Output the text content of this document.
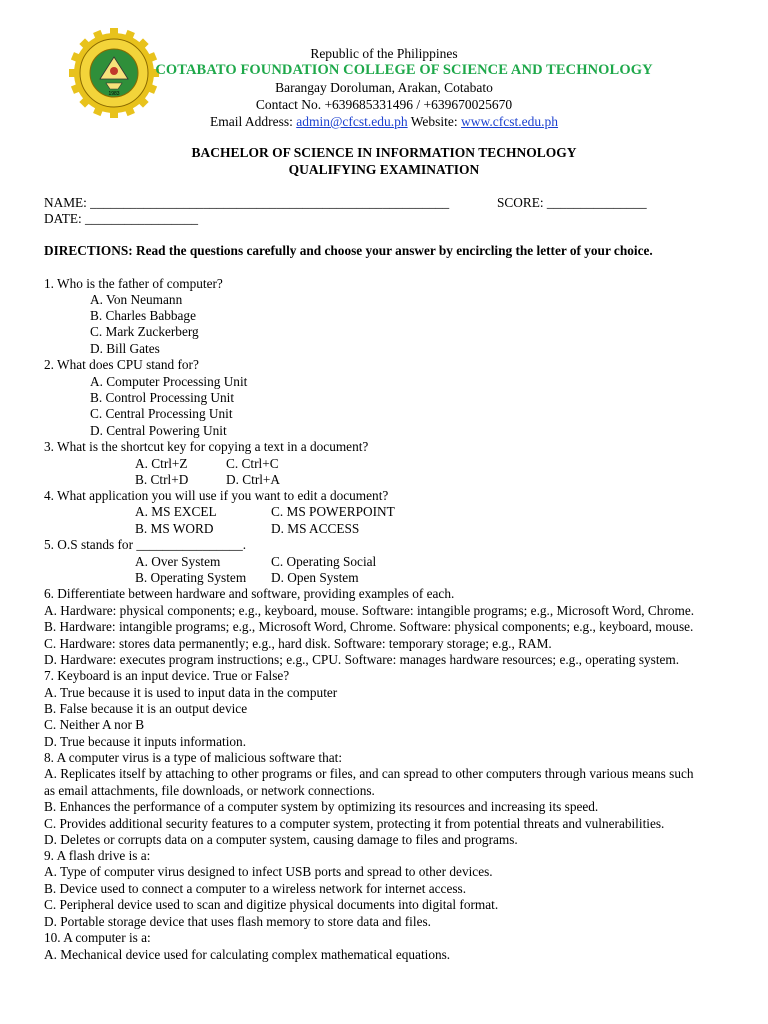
1983
Republic of the Philippines
COTABATO FOUNDATION COLLEGE OF SCIENCE AND TECHNOLOGY
Barangay Doroluman, Arakan, Cotabato
Contact No. +639685331496 / +639670025670
Email Address: admin@cfcst.edu.ph Website: www.cfcst.edu.ph
BACHELOR OF SCIENCE IN INFORMATION TECHNOLOGY
QUALIFYING EXAMINATION
NAME: ______________________________________________________	SCORE: _______________
DATE: _________________
DIRECTIONS: Read the questions carefully and choose your answer by encircling the letter of your choice.
1. Who is the father of computer?
A. Von Neumann
B. Charles Babbage
C. Mark Zuckerberg
D. Bill Gates
2. What does CPU stand for?
A. Computer Processing Unit
B. Control Processing Unit
C. Central Processing Unit
D. Central Powering Unit
3. What is the shortcut key for copying a text in a document?
A. Ctrl+Z	C. Ctrl+C
B. Ctrl+D	D. Ctrl+A
4. What application you will use if you want to edit a document?
A. MS EXCEL	C. MS POWERPOINT
B. MS WORD	D. MS ACCESS
5. O.S stands for ________________.
A. Over System	C. Operating Social
B. Operating System D. Open System
6. Differentiate between hardware and software, providing examples of each.
A. Hardware: physical components; e.g., keyboard, mouse. Software: intangible programs; e.g., Microsoft Word, Chrome.
B. Hardware: intangible programs; e.g., Microsoft Word, Chrome. Software: physical components; e.g., keyboard, mouse.
C. Hardware: stores data permanently; e.g., hard disk. Software: temporary storage; e.g., RAM.
D. Hardware: executes program instructions; e.g., CPU. Software: manages hardware resources; e.g., operating system.
7. Keyboard is an input device. True or False?
A. True because it is used to input data in the computer
B. False because it is an output device
C. Neither A nor B
D. True because it inputs information.
8. A computer virus is a type of malicious software that:
A. Replicates itself by attaching to other programs or files, and can spread to other computers through various means such
as email attachments, file downloads, or network connections.
B. Enhances the performance of a computer system by optimizing its resources and increasing its speed.
C. Provides additional security features to a computer system, protecting it from potential threats and vulnerabilities.
D. Deletes or corrupts data on a computer system, causing damage to files and programs.
9. A flash drive is a:
A. Type of computer virus designed to infect USB ports and spread to other devices.
B. Device used to connect a computer to a wireless network for internet access.
C. Peripheral device used to scan and digitize physical documents into digital format.
D. Portable storage device that uses flash memory to store data and files.
10. A computer is a:
A. Mechanical device used for calculating complex mathematical equations.
